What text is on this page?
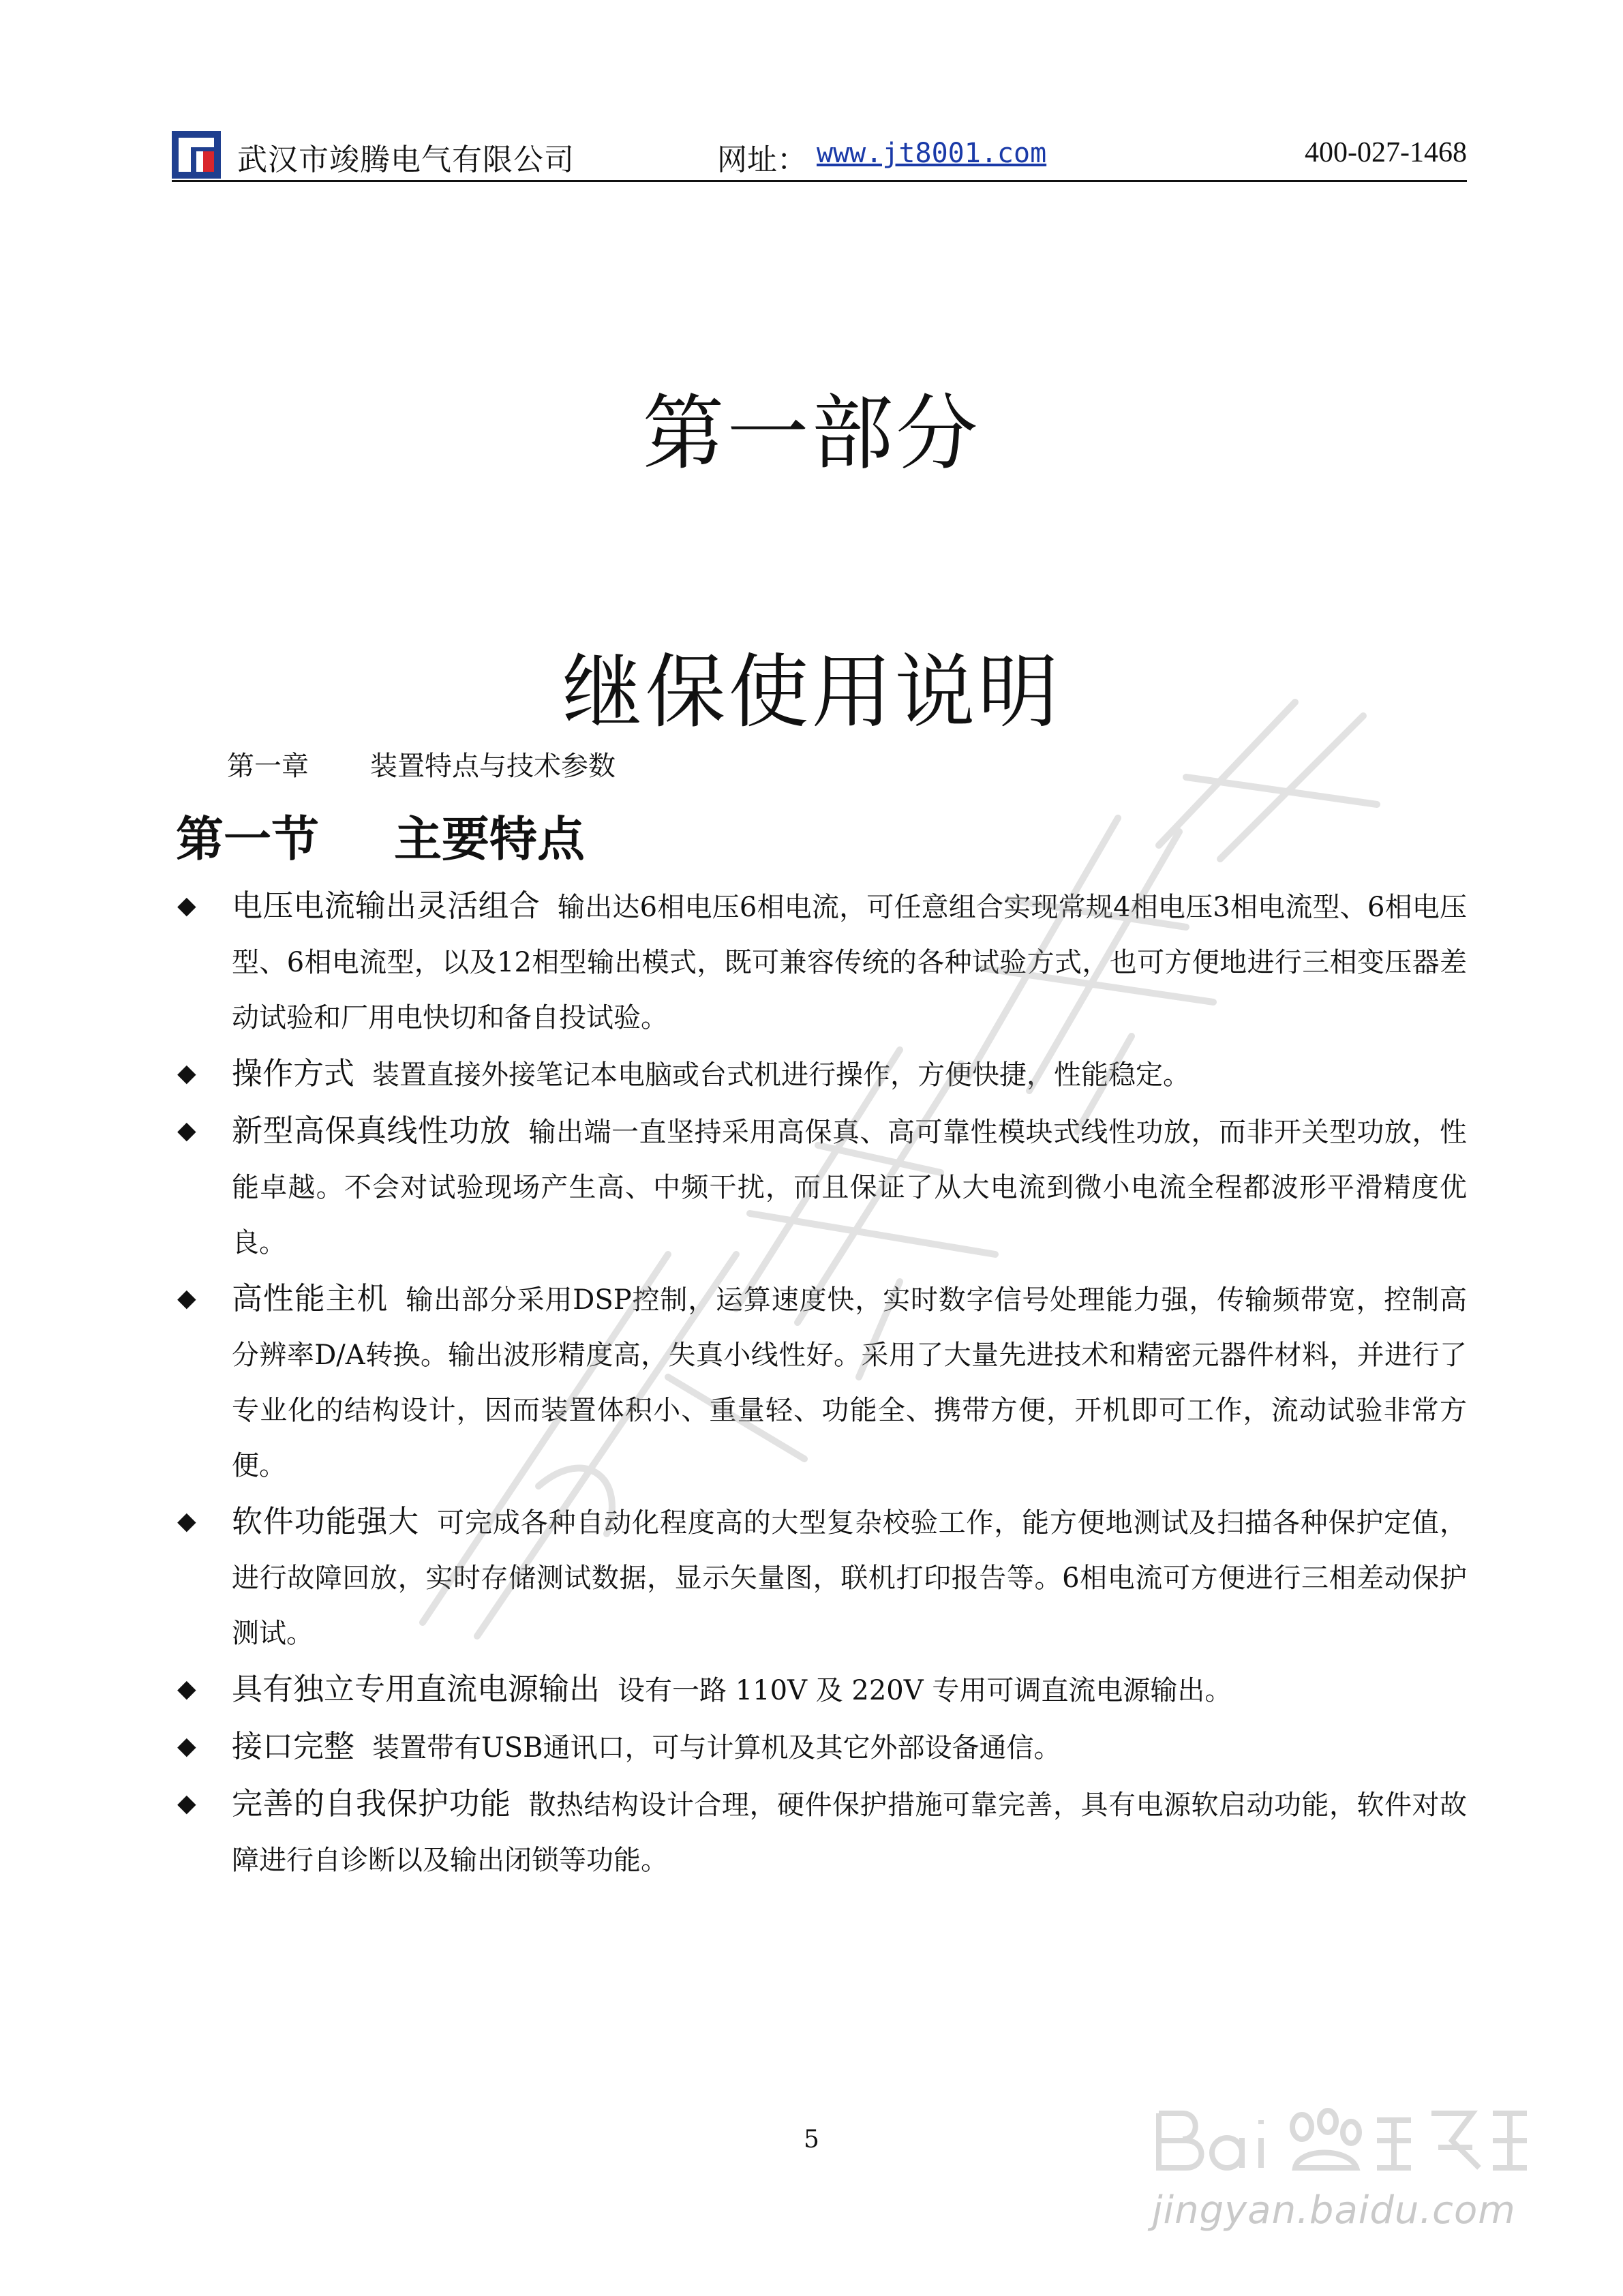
武汉市竣腾电气有限公司	网址： www.jt8001.com	400-027-1468
第一部分
继保使用说明
第一章 装置特点与技术参数
第一节 主要特点
◆ 电压电流输出灵活组合 输出达6相电压6相电流，可任意组合实现常规4相电压3相电流型、6相电压型、6相电流型，以及12相型输出模式，既可兼容传统的各种试验方式，也可方便地进行三相变压器差动试验和厂用电快切和备自投试验。
◆ 操作方式 装置直接外接笔记本电脑或台式机进行操作，方便快捷，性能稳定。
◆ 新型高保真线性功放 输出端一直坚持采用高保真、高可靠性模块式线性功放，而非开关型功放，性能卓越。不会对试验现场产生高、中频干扰，而且保证了从大电流到微小电流全程都波形平滑精度优良。
◆ 高性能主机 输出部分采用DSP控制，运算速度快，实时数字信号处理能力强，传输频带宽，控制高分辨率D/A转换。输出波形精度高，失真小线性好。采用了大量先进技术和精密元器件材料，并进行了专业化的结构设计，因而装置体积小、重量轻、功能全、携带方便，开机即可工作，流动试验非常方便。
◆ 软件功能强大 可完成各种自动化程度高的大型复杂校验工作，能方便地测试及扫描各种保护定值，进行故障回放，实时存储测试数据，显示矢量图，联机打印报告等。6相电流可方便进行三相差动保护测试。
◆ 具有独立专用直流电源输出 设有一路 110V 及 220V 专用可调直流电源输出。
◆ 接口完整 装置带有USB通讯口，可与计算机及其它外部设备通信。
◆ 完善的自我保护功能 散热结构设计合理，硬件保护措施可靠完善，具有电源软启动功能，软件对故障进行自诊断以及输出闭锁等功能。
5
jingyan.baidu.com
